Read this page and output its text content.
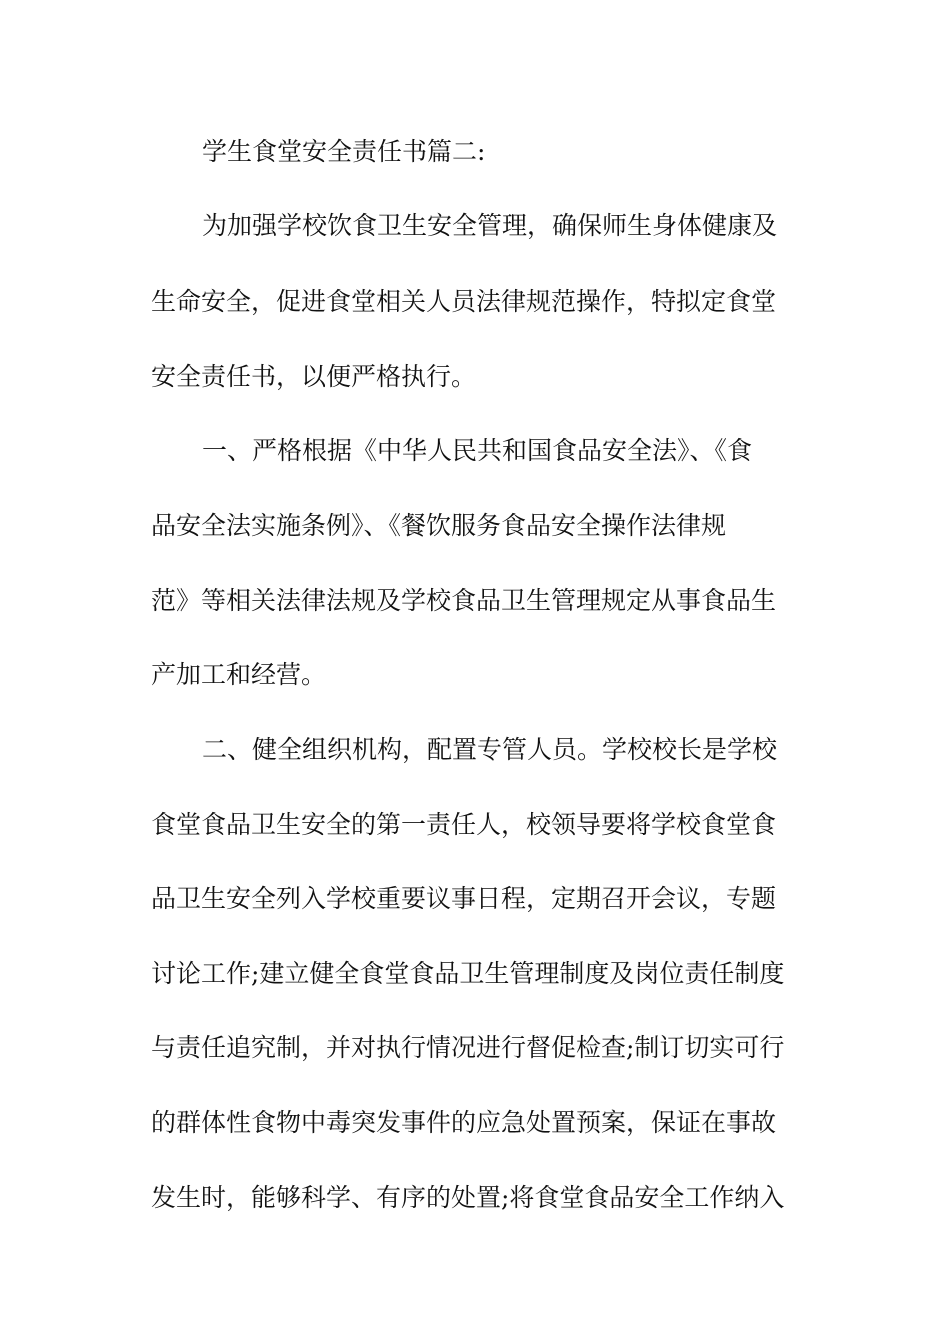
学生食堂安全责任书篇二:
为加强学校饮食卫生安全管理，确保师生身体健康及
生命安全，促进食堂相关人员法律规范操作，特拟定食堂
安全责任书，以便严格执行。
一、严格根据《中华人民共和国食品安全法》、《食
品安全法实施条例》、《餐饮服务食品安全操作法律规
范》等相关法律法规及学校食品卫生管理规定从事食品生
产加工和经营。
二、健全组织机构，配置专管人员。学校校长是学校
食堂食品卫生安全的第一责任人，校领导要将学校食堂食
品卫生安全列入学校重要议事日程，定期召开会议，专题
讨论工作;建立健全食堂食品卫生管理制度及岗位责任制度
与责任追究制，并对执行情况进行督促检查;制订切实可行
的群体性食物中毒突发事件的应急处置预案，保证在事故
发生时，能够科学、有序的处置;将食堂食品安全工作纳入
